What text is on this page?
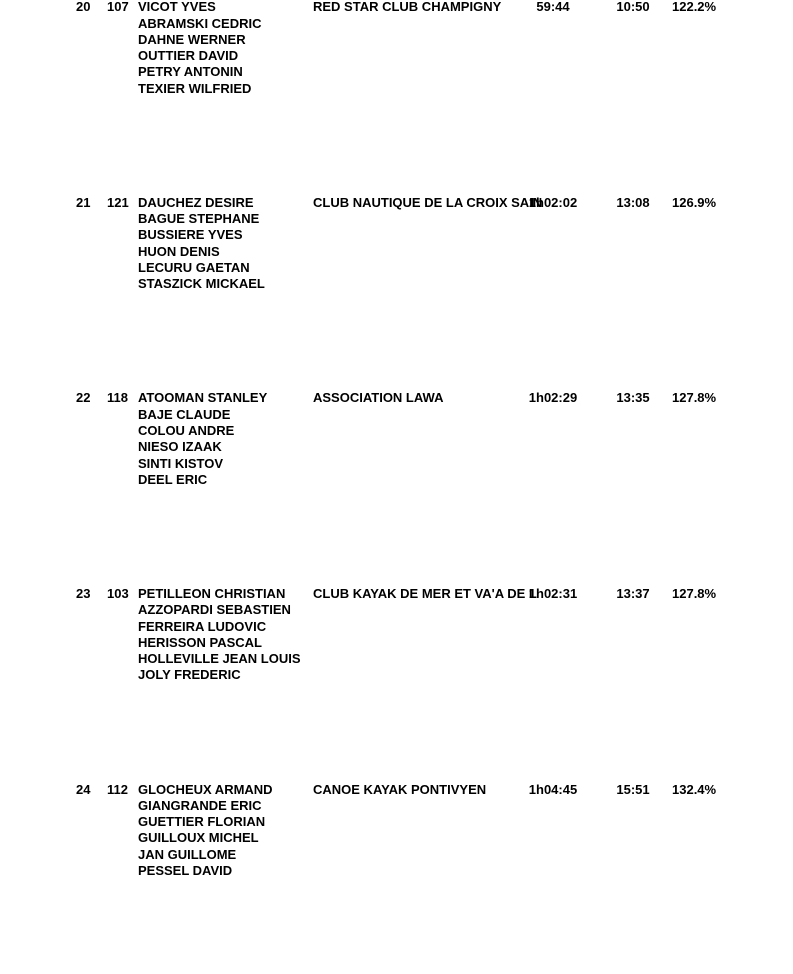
20 107 VICOT YVES
ABRAMSKI CEDRIC
DAHNE WERNER
OUTTIER DAVID
PETRY ANTONIN
TEXIER WILFRIED
RED STAR CLUB CHAMPIGNY	59:44	10:50 122.2%
21 121 DAUCHEZ DESIRE
BAGUE STEPHANE
BUSSIERE YVES
HUON DENIS
LECURU GAETAN
STASZICK MICKAEL
CLUB NAUTIQUE DE LA CROIX SAIN
1h02:02	13:08 126.9%
22 118 ATOOMAN STANLEY
BAJE CLAUDE
COLOU ANDRE
NIESO IZAAK
SINTI KISTOV
DEEL ERIC
ASSOCIATION LAWA	1h02:29	13:35 127.8%
23 103 PETILLEON CHRISTIAN
AZZOPARDI SEBASTIEN
FERREIRA LUDOVIC
HERISSON PASCAL
HOLLEVILLE JEAN LOUIS
JOLY FREDERIC
CLUB KAYAK DE MER ET VA'A DE L
1h02:31	13:37 127.8%
24 112 GLOCHEUX ARMAND
GIANGRANDE ERIC
GUETTIER FLORIAN
GUILLOUX MICHEL
JAN GUILLOME
PESSEL DAVID
CANOE KAYAK PONTIVYEN	1h04:45	15:51 132.4%
